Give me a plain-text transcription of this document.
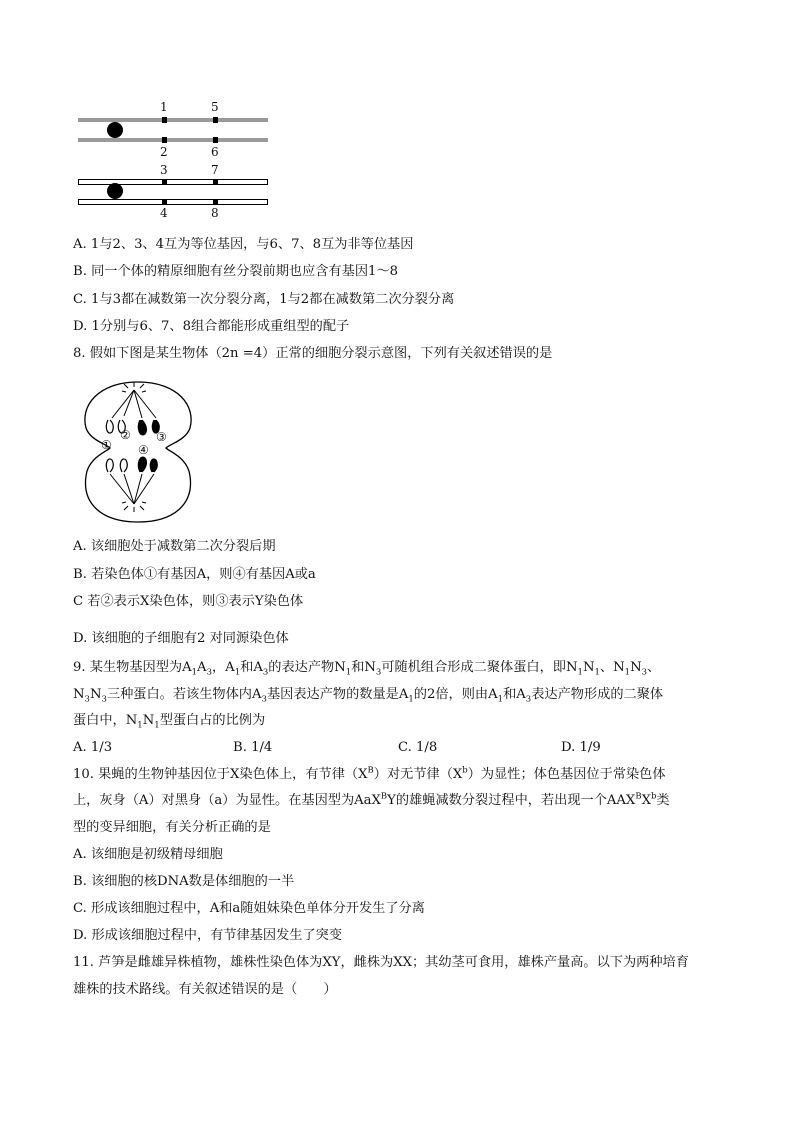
1	5
2	6
3	7
4	8
A. 1与2、3、4互为等位基因，与6、7、8互为非等位基因
B. 同一个体的精原细胞有丝分裂前期也应含有基因1～8
C. 1与3都在减数第一次分裂分离，1与2都在减数第二次分裂分离
D. 1分别与6、7、8组合都能形成重组型的配子
8. 假如下图是某生物体（2n =4）正常的细胞分裂示意图，下列有关叙述错误的是
①
② ③
④
A. 该细胞处于减数第二次分裂后期
B. 若染色体①有基因A，则④有基因A或a
C 若②表示X染色体，则③表示Y染色体
D. 该细胞的子细胞有2 对同源染色体
9. 某生物基因型为$A_1A_3$，$A_1$和$A_3$的表达产物$N_1$和$N_3$可随机组合形成二聚体蛋白，即$N_1N_1$、$N_1N_3$、
$N_3N_3$三种蛋白。若该生物体内$A_3$基因表达产物的数量是$A_1$的2倍，则由$A_1$和$A_3$表达产物形成的二聚体
蛋白中，$N_1N_1$型蛋白占的比例为
A. 1/3	B. 1/4	C. 1/8	D. 1/9
10. 果蝇的生物钟基因位于X染色体上，有节律$(X^B)$对无节律$(X^b)$为显性；体色基因位于常染色体
上，灰身（A）对黑身（a）为显性。在基因型为AaX$^B$Y的雄蝇减数分裂过程中，若出现一个$AAX^BX^b$类
型的变异细胞，有关分析正确的是
A. 该细胞是初级精母细胞
B. 该细胞的核DNA数是体细胞的一半
C. 形成该细胞过程中，A和a随姐妹染色单体分开发生了分离
D. 形成该细胞过程中，有节律基因发生了突变
11. 芦笋是雌雄异株植物，雄株性染色体为XY，雌株为XX；其幼茎可食用，雄株产量高。以下为两种培育
雄株的技术路线。有关叙述错误的是（　　）
